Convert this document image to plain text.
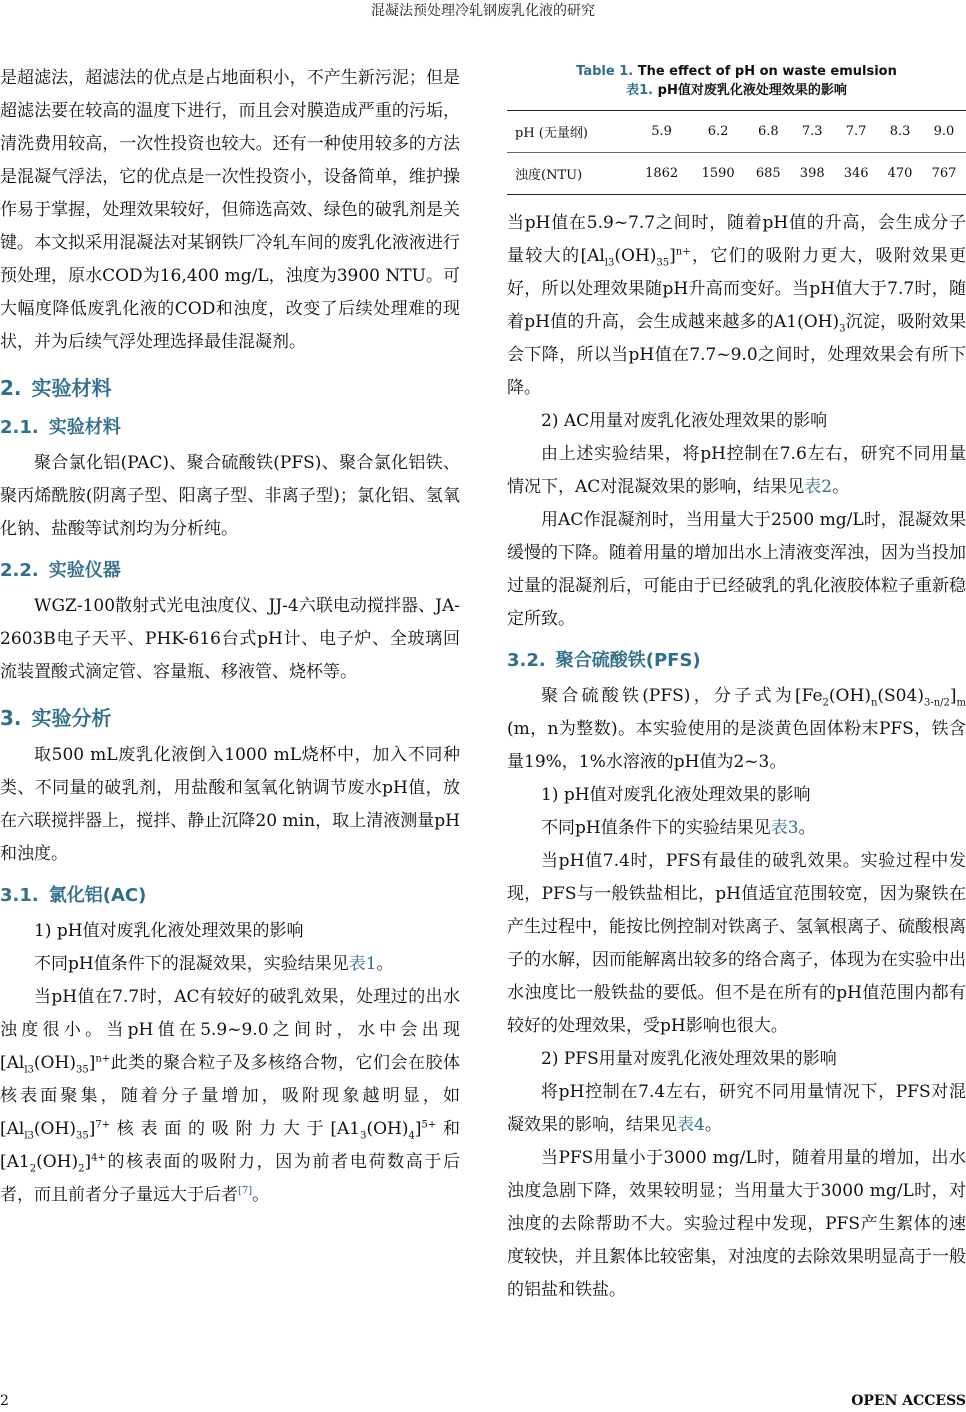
混凝法预处理冷轧钢废乳化液的研究

是超滤法，超滤法的优点是占地面积小，不产生新污泥；但是超滤法要在较高的温度下进行，而且会对膜造成严重的污垢，清洗费用较高，一次性投资也较大。还有一种使用较多的方法是混凝气浮法，它的优点是一次性投资小，设备简单，维护操作易于掌握，处理效果较好，但筛选高效、绿色的破乳剂是关键。本文拟采用混凝法对某钢铁厂冷轧车间的废乳化液液进行预处理，原水COD为16,400 mg/L，浊度为3900 NTU。可大幅度降低废乳化液的COD和浊度，改变了后续处理难的现状，并为后续气浮处理选择最佳混凝剂。

2. 实验材料
2.1. 实验材料

聚合氯化铝(PAC)、聚合硫酸铁(PFS)、聚合氯化铝铁、聚丙烯酰胺(阴离子型、阳离子型、非离子型)；氯化铝、氢氧化钠、盐酸等试剂均为分析纯。

2.2. 实验仪器

WGZ-100散射式光电浊度仪、JJ-4六联电动搅拌器、JA-2603B电子天平、PHK-616台式pH计、电子炉、全玻璃回流装置酸式滴定管、容量瓶、移液管、烧杯等。

3. 实验分析

取500 mL废乳化液倒入1000 mL烧杯中，加入不同种类、不同量的破乳剂，用盐酸和氢氧化钠调节废水pH值，放在六联搅拌器上，搅拌、静止沉降20 min，取上清液测量pH和浊度。

3.1. 氯化铝(AC)

1) pH值对废乳化液处理效果的影响

不同pH值条件下的混凝效果，实验结果见表1。

当pH值在7.7时，AC有较好的破乳效果，处理过的出水浊度很小。当pH值在5.9~9.0之间时，水中会出现$[Al_{l3}(OH)_{35}]^{n+}$此类的聚合粒子及多核络合物，它们会在胶体核表面聚集，随着分子量增加，吸附现象越明显，如$[Al_{l3}(OH)_{35}]^{7+}$核表面的吸附力大于$[A1_3(OH)_4]^{5+}$和$[A1_2(OH)_2]^{4+}$的核表面的吸附力，因为前者电荷数高于后者，而且前者分子量远大于后者[7]。

Table 1. The effect of pH on waste emulsion
表1. pH值对废乳化液处理效果的影响
pH (无量纲)	5.9	6.2	6.8	7.3	7.7	8.3	9.0
浊度(NTU)	1862	1590	685	398	346	470	767

当pH值在5.9~7.7之间时，随着pH值的升高，会生成分子量较大的$[Al_{l3}(OH)_{35}]^{n+}$，它们的吸附力更大，吸附效果更好，所以处理效果随pH升高而变好。当pH值大于7.7时，随着pH值的升高，会生成越来越多的$A1(OH)_3$沉淀，吸附效果会下降，所以当pH值在7.7~9.0之间时，处理效果会有所下降。

2) AC用量对废乳化液处理效果的影响

由上述实验结果，将pH控制在7.6左右，研究不同用量情况下，AC对混凝效果的影响，结果见表2。

用AC作混凝剂时，当用量大于2500 mg/L时，混凝效果缓慢的下降。随着用量的增加出水上清液变浑浊，因为当投加过量的混凝剂后，可能由于已经破乳的乳化液胶体粒子重新稳定所致。

3.2. 聚合硫酸铁(PFS)

聚合硫酸铁(PFS)，分子式为$[Fe_2(OH)_n(S04)_{3-n/2}]_m$ (m，n为整数)。本实验使用的是淡黄色固体粉末PFS，铁含量19%，1%水溶液的pH值为2~3。

1) pH值对废乳化液处理效果的影响

不同pH值条件下的实验结果见表3。

当pH值7.4时，PFS有最佳的破乳效果。实验过程中发现，PFS与一般铁盐相比，pH值适宜范围较宽，因为聚铁在产生过程中，能按比例控制对铁离子、氢氧根离子、硫酸根离子的水解，因而能解离出较多的络合离子，体现为在实验中出水浊度比一般铁盐的要低。但不是在所有的pH值范围内都有较好的处理效果，受pH影响也很大。

2) PFS用量对废乳化液处理效果的影响

将pH控制在7.4左右，研究不同用量情况下，PFS对混凝效果的影响，结果见表4。

当PFS用量小于3000 mg/L时，随着用量的增加，出水浊度急剧下降，效果较明显；当用量大于3000 mg/L时，对浊度的去除帮助不大。实验过程中发现，PFS产生絮体的速度较快，并且絮体比较密集，对浊度的去除效果明显高于一般的铝盐和铁盐。

2	OPEN ACCESS
